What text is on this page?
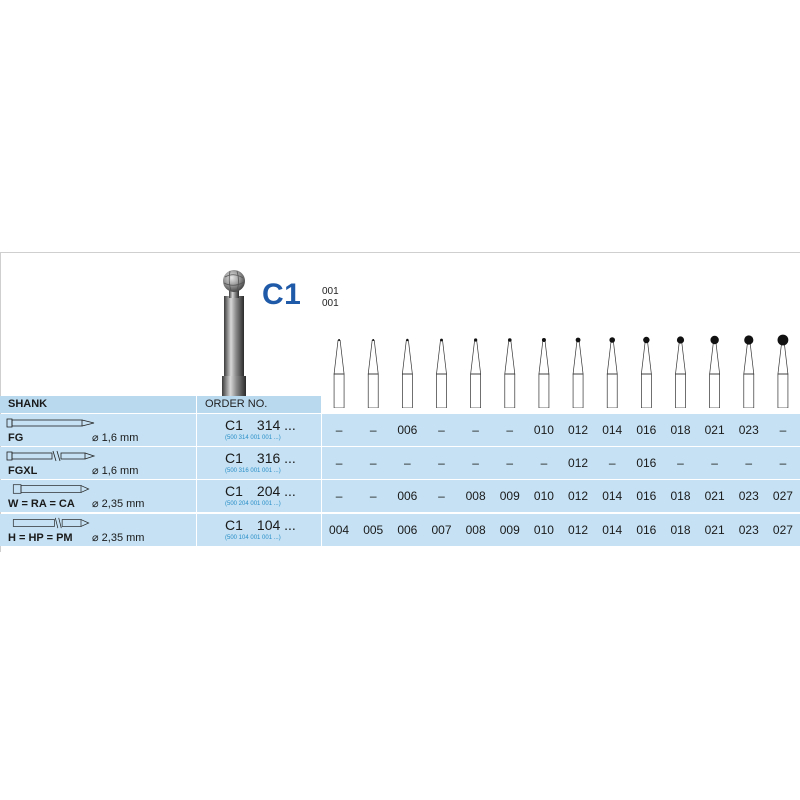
C1 001
001
SHANK	ORDER NO.
FG	⌀ 1,6 mm
C1 314 ...
(500 314 001 001 ...)
–	–	006	–	–	–	010	012	014	016	018	021	023	–
FGXL	⌀ 1,6 mm
C1 316 ...
(500 316 001 001 ...)
–	–	–	–	–	–	–	012	–	016	–	–	–	–
W = RA = CA ⌀ 2,35 mm
C1 204 ...
(500 204 001 001 ...)
–	–	006	–	008	009	010	012	014	016	018	021	023	027
H = HP = PM ⌀ 2,35 mm
C1 104 ...
(500 104 001 001 ...)
004	005	006	007	008	009	010	012	014	016	018	021	023	027
